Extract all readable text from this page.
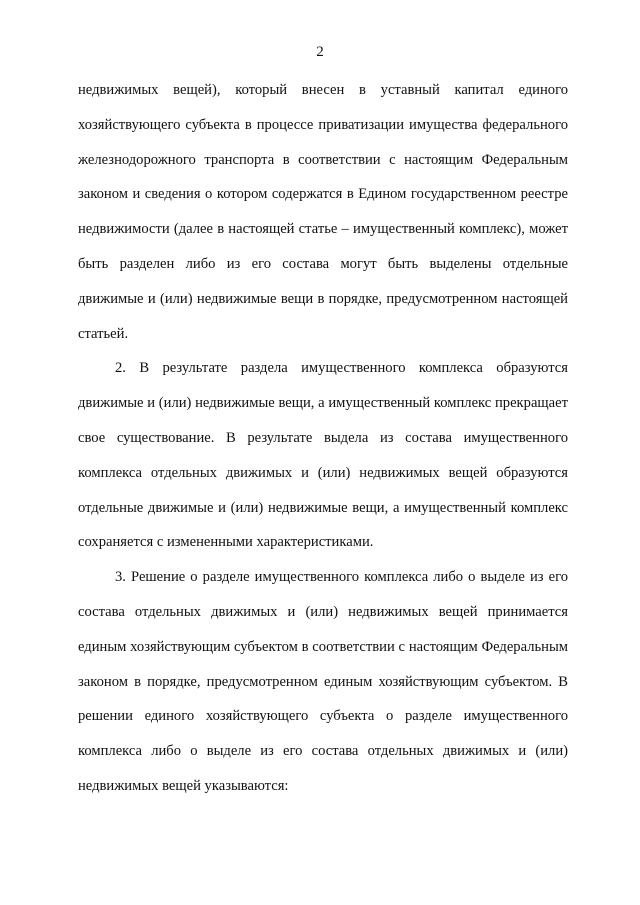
2

недвижимых вещей), который внесен в уставный капитал единого хозяйствующего субъекта в процессе приватизации имущества федерального железнодорожного транспорта в соответствии с настоящим Федеральным законом и сведения о котором содержатся в Едином государственном реестре недвижимости (далее в настоящей статье – имущественный комплекс), может быть разделен либо из его состава могут быть выделены отдельные движимые и (или) недвижимые вещи в порядке, предусмотренном настоящей статьей.

2. В результате раздела имущественного комплекса образуются движимые и (или) недвижимые вещи, а имущественный комплекс прекращает свое существование. В результате выдела из состава имущественного комплекса отдельных движимых и (или) недвижимых вещей образуются отдельные движимые и (или) недвижимые вещи, а имущественный комплекс сохраняется с измененными характеристиками.

3. Решение о разделе имущественного комплекса либо о выделе из его состава отдельных движимых и (или) недвижимых вещей принимается единым хозяйствующим субъектом в соответствии с настоящим Федеральным законом в порядке, предусмотренном единым хозяйствующим субъектом. В решении единого хозяйствующего субъекта о разделе имущественного комплекса либо о выделе из его состава отдельных движимых и (или) недвижимых вещей указываются:
